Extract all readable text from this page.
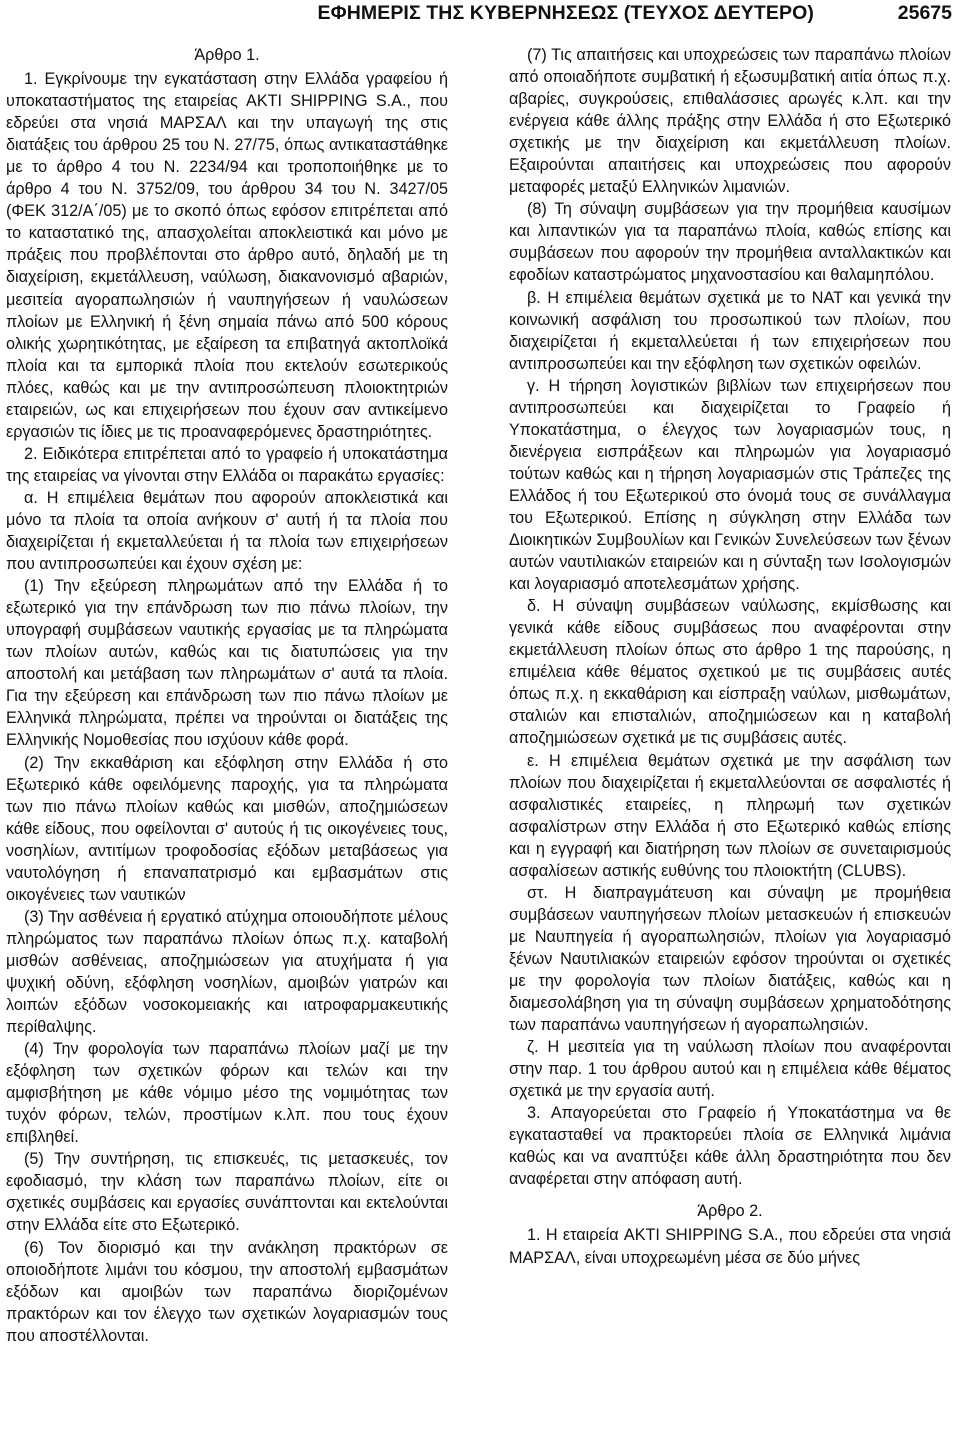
ΕΦΗΜΕΡΙΣ ΤΗΣ ΚΥΒΕΡΝΗΣΕΩΣ (ΤΕΥΧΟΣ ΔΕΥΤΕΡΟ)	25675

Άρθρο 1.

1. Εγκρίνουμε την εγκατάσταση στην Ελλάδα γραφείου ή υποκαταστήματος της εταιρείας AKTI SHIPPING S.A., που εδρεύει στα νησιά ΜΑΡΣΑΛ και την υπαγωγή της στις διατάξεις του άρθρου 25 του Ν. 27/75, όπως αντικαταστάθηκε με το άρθρο 4 του Ν. 2234/94 και τροποποιήθηκε με το άρθρο 4 του Ν. 3752/09, του άρθρου 34 του Ν. 3427/05 (ΦΕΚ 312/Α΄/05) με το σκοπό όπως εφόσον επιτρέπεται από το καταστατικό της, απασχολείται αποκλειστικά και μόνο με πράξεις που προβλέπονται στο άρθρο αυτό, δηλαδή με τη διαχείριση, εκμετάλλευση, ναύλωση, διακανονισμό αβαριών, μεσιτεία αγοραπωλησιών ή ναυπηγήσεων ή ναυλώσεων πλοίων με Ελληνική ή ξένη σημαία πάνω από 500 κόρους ολικής χωρητικότητας, με εξαίρεση τα επιβατηγά ακτοπλοϊκά πλοία και τα εμπορικά πλοία που εκτελούν εσωτερικούς πλόες, καθώς και με την αντιπροσώπευση πλοιοκτητριών εταιρειών, ως και επιχειρήσεων που έχουν σαν αντικείμενο εργασιών τις ίδιες με τις προαναφερόμενες δραστηριότητες.

2. Ειδικότερα επιτρέπεται από το γραφείο ή υποκατάστημα της εταιρείας να γίνονται στην Ελλάδα οι παρακάτω εργασίες:

α. Η επιμέλεια θεμάτων που αφορούν αποκλειστικά και μόνο τα πλοία τα οποία ανήκουν σ' αυτή ή τα πλοία που διαχειρίζεται ή εκμεταλλεύεται ή τα πλοία των επιχειρήσεων που αντιπροσωπεύει και έχουν σχέση με:

(1) Την εξεύρεση πληρωμάτων από την Ελλάδα ή το εξωτερικό για την επάνδρωση των πιο πάνω πλοίων, την υπογραφή συμβάσεων ναυτικής εργασίας με τα πληρώματα των πλοίων αυτών, καθώς και τις διατυπώσεις για την αποστολή και μετάβαση των πληρωμάτων σ' αυτά τα πλοία. Για την εξεύρεση και επάνδρωση των πιο πάνω πλοίων με Ελληνικά πληρώματα, πρέπει να τηρούνται οι διατάξεις της Ελληνικής Νομοθεσίας που ισχύουν κάθε φορά.

(2) Την εκκαθάριση και εξόφληση στην Ελλάδα ή στο Εξωτερικό κάθε οφειλόμενης παροχής, για τα πληρώματα των πιο πάνω πλοίων καθώς και μισθών, αποζημιώσεων κάθε είδους, που οφείλονται σ' αυτούς ή τις οικογένειες τους, νοσηλίων, αντιτίμων τροφοδοσίας εξόδων μεταβάσεως για ναυτολόγηση ή επαναπατρισμό και εμβασμάτων στις οικογένειες των ναυτικών

(3) Την ασθένεια ή εργατικό ατύχημα οποιουδήποτε μέλους πληρώματος των παραπάνω πλοίων όπως π.χ. καταβολή μισθών ασθένειας, αποζημιώσεων για ατυχήματα ή για ψυχική οδύνη, εξόφληση νοσηλίων, αμοιβών γιατρών και λοιπών εξόδων νοσοκομειακής και ιατροφαρμακευτικής περίθαλψης.

(4) Την φορολογία των παραπάνω πλοίων μαζί με την εξόφληση των σχετικών φόρων και τελών και την αμφισβήτηση με κάθε νόμιμο μέσο της νομιμότητας των τυχόν φόρων, τελών, προστίμων κ.λπ. που τους έχουν επιβληθεί.

(5) Την συντήρηση, τις επισκευές, τις μετασκευές, τον εφοδιασμό, την κλάση των παραπάνω πλοίων, είτε οι σχετικές συμβάσεις και εργασίες συνάπτονται και εκτελούνται στην Ελλάδα είτε στο Εξωτερικό.

(6) Τον διορισμό και την ανάκληση πρακτόρων σε οποιοδήποτε λιμάνι του κόσμου, την αποστολή εμβασμάτων εξόδων και αμοιβών των παραπάνω διοριζομένων πρακτόρων και τον έλεγχο των σχετικών λογαριασμών τους που αποστέλλονται.

(7) Τις απαιτήσεις και υποχρεώσεις των παραπάνω πλοίων από οποιαδήποτε συμβατική ή εξωσυμβατική αιτία όπως π.χ. αβαρίες, συγκρούσεις, επιθαλάσσιες αρωγές κ.λπ. και την ενέργεια κάθε άλλης πράξης στην Ελλάδα ή στο Εξωτερικό σχετικής με την διαχείριση και εκμετάλλευση πλοίων. Εξαιρούνται απαιτήσεις και υποχρεώσεις που αφορούν μεταφορές μεταξύ Ελληνικών λιμανιών.

(8) Τη σύναψη συμβάσεων για την προμήθεια καυσίμων και λιπαντικών για τα παραπάνω πλοία, καθώς επίσης και συμβάσεων που αφορούν την προμήθεια ανταλλακτικών και εφοδίων καταστρώματος μηχανοστασίου και θαλαμηπόλου.

β. Η επιμέλεια θεμάτων σχετικά με το ΝΑΤ και γενικά την κοινωνική ασφάλιση του προσωπικού των πλοίων, που διαχειρίζεται ή εκμεταλλεύεται ή των επιχειρήσεων που αντιπροσωπεύει και την εξόφληση των σχετικών οφειλών.

γ. Η τήρηση λογιστικών βιβλίων των επιχειρήσεων που αντιπροσωπεύει και διαχειρίζεται το Γραφείο ή Υποκατάστημα, ο έλεγχος των λογαριασμών τους, η διενέργεια εισπράξεων και πληρωμών για λογαριασμό τούτων καθώς και η τήρηση λογαριασμών στις Τράπεζες της Ελλάδος ή του Εξωτερικού στο όνομά τους σε συνάλλαγμα του Εξωτερικού. Επίσης η σύγκληση στην Ελλάδα των Διοικητικών Συμβουλίων και Γενικών Συνελεύσεων των ξένων αυτών ναυτιλιακών εταιρειών και η σύνταξη των Ισολογισμών και λογαριασμό αποτελεσμάτων χρήσης.

δ. Η σύναψη συμβάσεων ναύλωσης, εκμίσθωσης και γενικά κάθε είδους συμβάσεως που αναφέρονται στην εκμετάλλευση πλοίων όπως στο άρθρο 1 της παρούσης, η επιμέλεια κάθε θέματος σχετικού με τις συμβάσεις αυτές όπως π.χ. η εκκαθάριση και είσπραξη ναύλων, μισθωμάτων, σταλιών και επισταλιών, αποζημιώσεων και η καταβολή αποζημιώσεων σχετικά με τις συμβάσεις αυτές.

ε. Η επιμέλεια θεμάτων σχετικά με την ασφάλιση των πλοίων που διαχειρίζεται ή εκμεταλλεύονται σε ασφαλιστές ή ασφαλιστικές εταιρείες, η πληρωμή των σχετικών ασφαλίστρων στην Ελλάδα ή στο Εξωτερικό καθώς επίσης και η εγγραφή και διατήρηση των πλοίων σε συνεταιρισμούς ασφαλίσεων αστικής ευθύνης του πλοιοκτήτη (CLUBS).

στ. Η διαπραγμάτευση και σύναψη με προμήθεια συμβάσεων ναυπηγήσεων πλοίων μετασκευών ή επισκευών με Ναυπηγεία ή αγοραπωλησιών, πλοίων για λογαριασμό ξένων Ναυτιλιακών εταιρειών εφόσον τηρούνται οι σχετικές με την φορολογία των πλοίων διατάξεις, καθώς και η διαμεσολάβηση για τη σύναψη συμβάσεων χρηματοδότησης των παραπάνω ναυπηγήσεων ή αγοραπωλησιών.

ζ. Η μεσιτεία για τη ναύλωση πλοίων που αναφέρονται στην παρ. 1 του άρθρου αυτού και η επιμέλεια κάθε θέματος σχετικά με την εργασία αυτή.

3. Απαγορεύεται στο Γραφείο ή Υποκατάστημα να θε εγκατασταθεί να πρακτορεύει πλοία σε Ελληνικά λιμάνια καθώς και να αναπτύξει κάθε άλλη δραστηριότητα που δεν αναφέρεται στην απόφαση αυτή.

Άρθρο 2.

1. Η εταιρεία AKTI SHIPPING S.A., που εδρεύει στα νησιά ΜΑΡΣΑΛ, είναι υποχρεωμένη μέσα σε δύο μήνες
